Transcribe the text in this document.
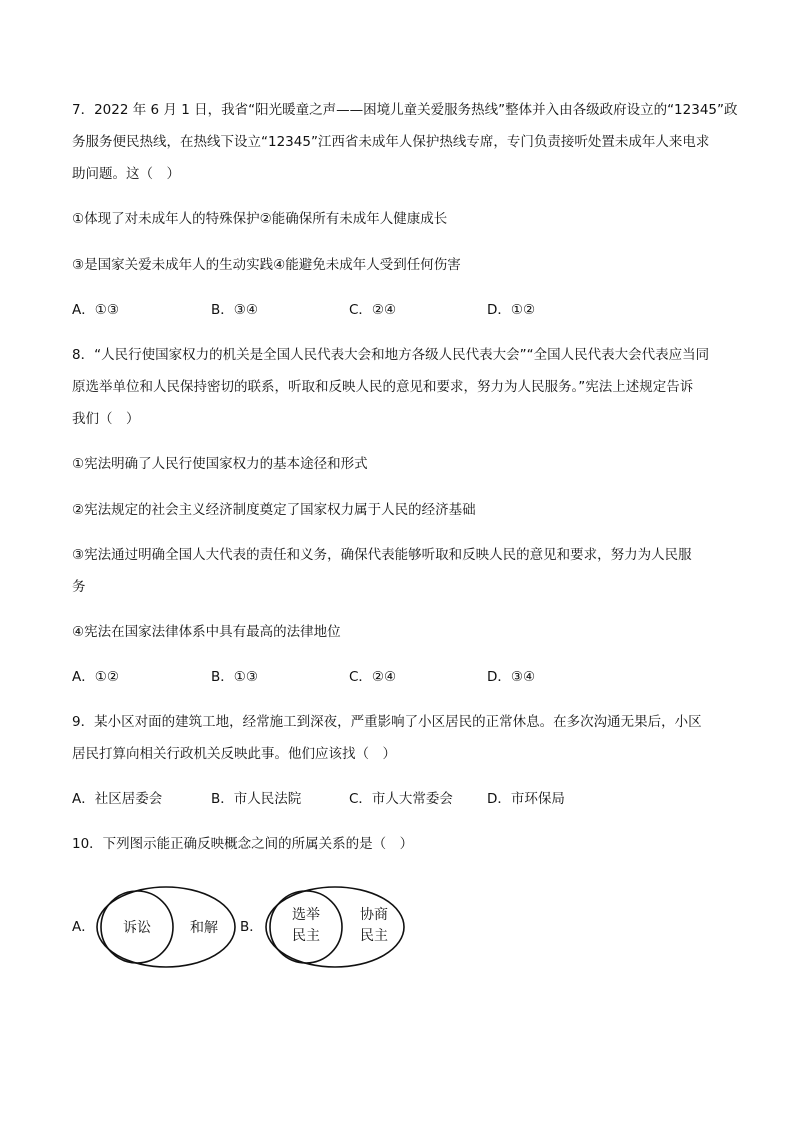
7．2022 年 6 月 1 日，我省“阳光暖童之声——困境儿童关爱服务热线”整体并入由各级政府设立的“12345”政
务服务便民热线，在热线下设立“12345”江西省未成年人保护热线专席，专门负责接听处置未成年人来电求
助问题。这（　）
①体现了对未成年人的特殊保护②能确保所有未成年人健康成长
③是国家关爱未成年人的生动实践④能避免未成年人受到任何伤害
A．①③	B．③④	C．②④	D．①②
8．“人民行使国家权力的机关是全国人民代表大会和地方各级人民代表大会”“全国人民代表大会代表应当同
原选举单位和人民保持密切的联系，听取和反映人民的意见和要求，努力为人民服务。”宪法上述规定告诉
我们（　）
①宪法明确了人民行使国家权力的基本途径和形式
②宪法规定的社会主义经济制度奠定了国家权力属于人民的经济基础
③宪法通过明确全国人大代表的责任和义务，确保代表能够听取和反映人民的意见和要求，努力为人民服
务
④宪法在国家法律体系中具有最高的法律地位
A．①②	B．①③	C．②④	D．③④
9．某小区对面的建筑工地，经常施工到深夜，严重影响了小区居民的正常休息。在多次沟通无果后，小区
居民打算向相关行政机关反映此事。他们应该找（　）
A．社区居委会	B．市人民法院	C．市人大常委会	D．市环保局
10．下列图示能正确反映概念之间的所属关系的是（　）
A． 诉讼	和解 B．
选举
民主
协商
民主
